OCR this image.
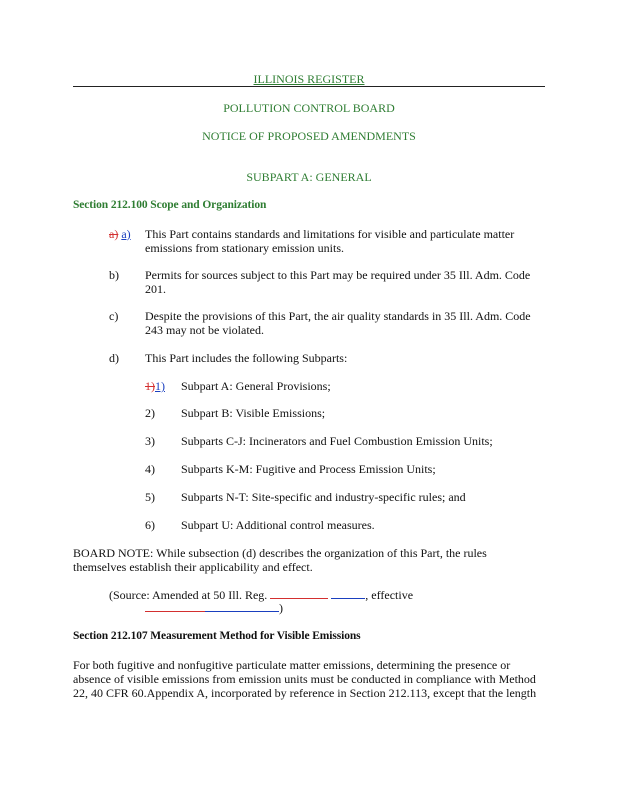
ILLINOIS REGISTER
POLLUTION CONTROL BOARD
NOTICE OF PROPOSED AMENDMENTS
SUBPART A: GENERAL
Section 212.100 Scope and Organization
a) a) This Part contains standards and limitations for visible and particulate matter
emissions from stationary emission units.
b) Permits for sources subject to this Part may be required under 35 Ill. Adm. Code
201.
c) Despite the provisions of this Part, the air quality standards in 35 Ill. Adm. Code
243 may not be violated.
d) This Part includes the following Subparts:
1)1) Subpart A: General Provisions;
2) Subpart B: Visible Emissions;
3) Subparts C-J: Incinerators and Fuel Combustion Emission Units;
4) Subparts K-M: Fugitive and Process Emission Units;
5) Subparts N-T: Site-specific and industry-specific rules; and
6) Subpart U: Additional control measures.
BOARD NOTE: While subsection (d) describes the organization of this Part, the rules
themselves establish their applicability and effect.
(Source: Amended at 50 Ill. Reg.	, effective
)
Section 212.107 Measurement Method for Visible Emissions
For both fugitive and nonfugitive particulate matter emissions, determining the presence or
absence of visible emissions from emission units must be conducted in compliance with Method
22, 40 CFR 60.Appendix A, incorporated by reference in Section 212.113, except that the length
